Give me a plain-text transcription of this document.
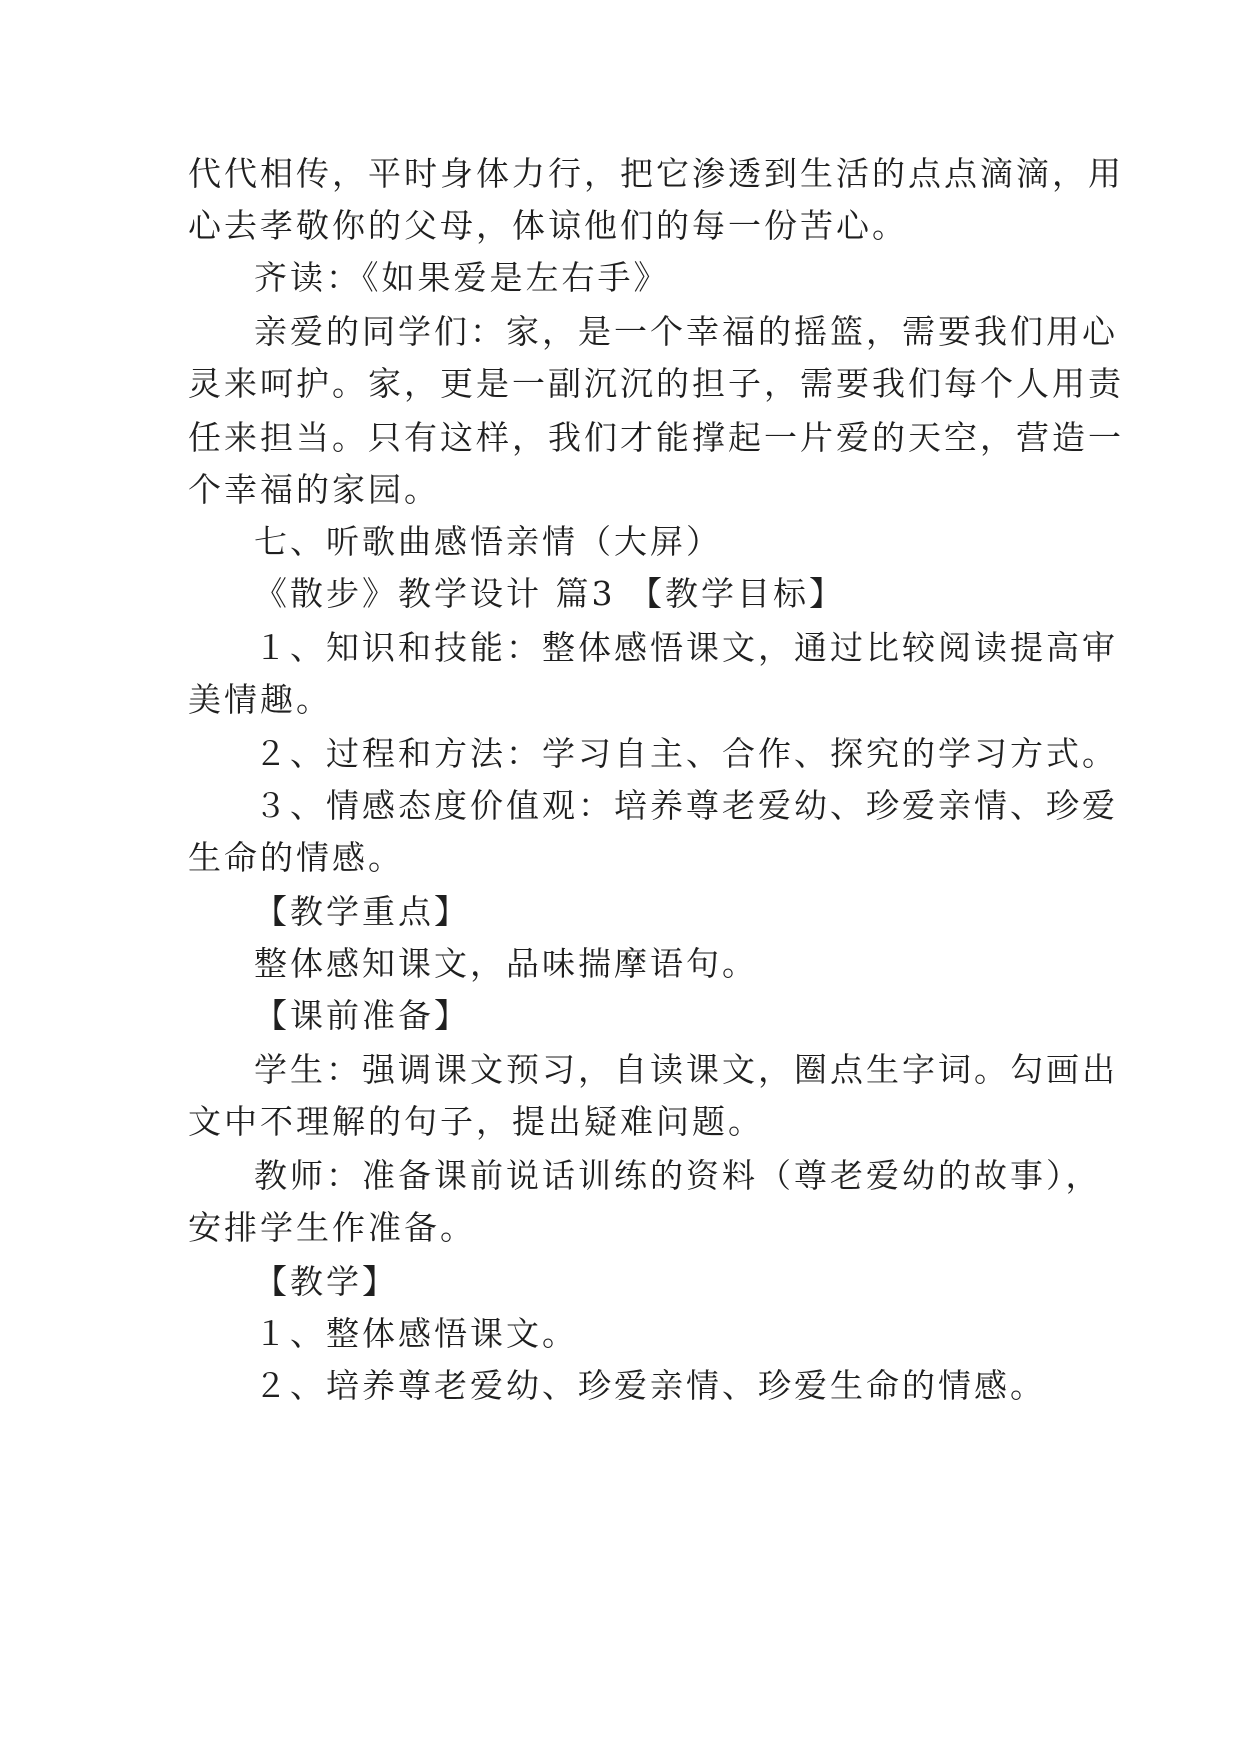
代代相传，平时身体力行，把它渗透到生活的点点滴滴，用
心去孝敬你的父母，体谅他们的每一份苦心。
齐读：《如果爱是左右手》
亲爱的同学们：家，是一个幸福的摇篮，需要我们用心
灵来呵护。家，更是一副沉沉的担子，需要我们每个人用责
任来担当。只有这样，我们才能撑起一片爱的天空，营造一
个幸福的家园。
七、听歌曲感悟亲情（大屏）
《散步》教学设计 篇3 【教学目标】
１、知识和技能：整体感悟课文，通过比较阅读提高审
美情趣。
２、过程和方法：学习自主、合作、探究的学习方式。
３、情感态度价值观：培养尊老爱幼、珍爱亲情、珍爱
生命的情感。
【教学重点】
整体感知课文，品味揣摩语句。
【课前准备】
学生：强调课文预习，自读课文，圈点生字词。勾画出
文中不理解的句子，提出疑难问题。
教师：准备课前说话训练的资料（尊老爱幼的故事），
安排学生作准备。
【教学】
１、整体感悟课文。
２、培养尊老爱幼、珍爱亲情、珍爱生命的情感。
